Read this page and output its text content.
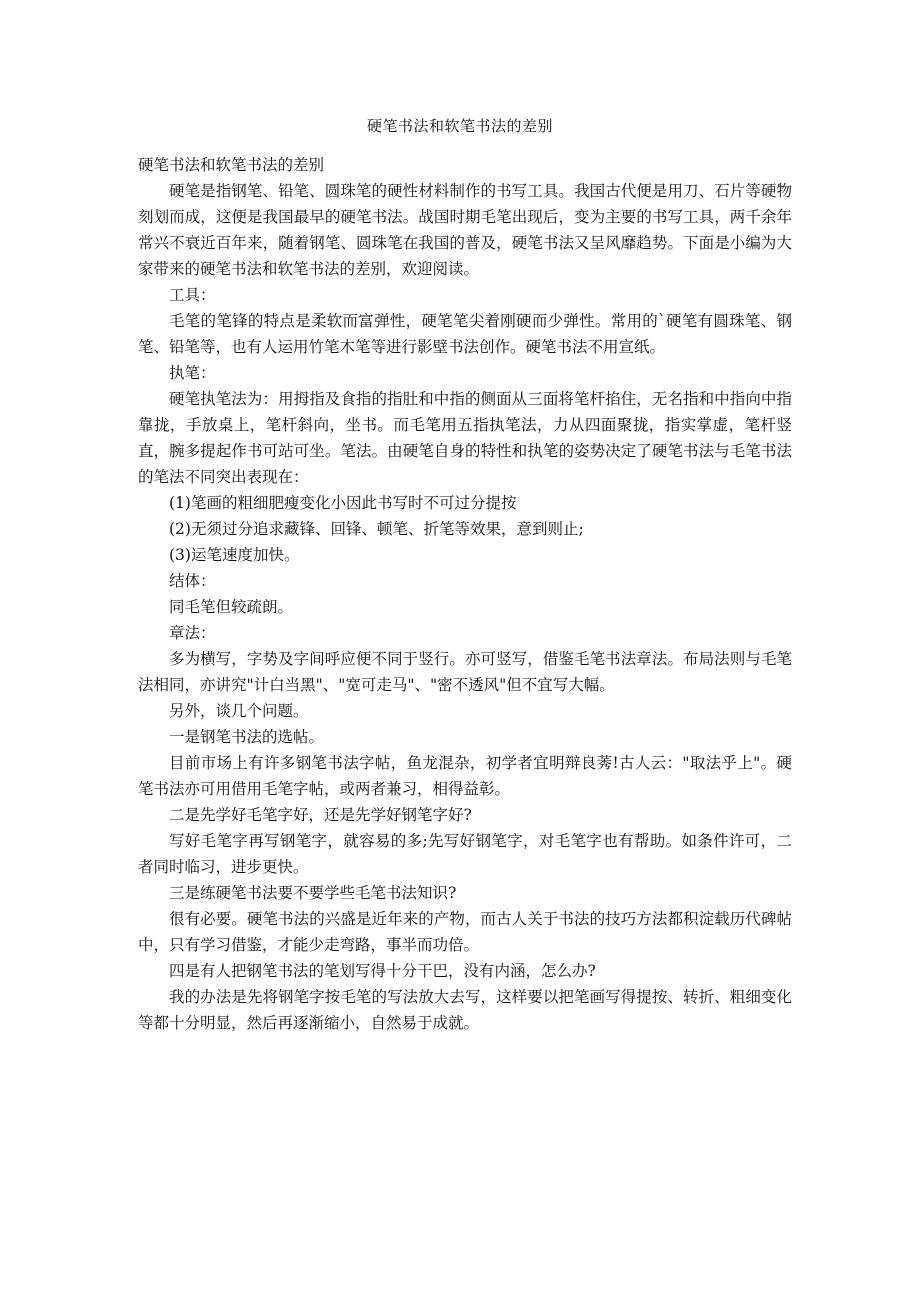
硬笔书法和软笔书法的差别

硬笔书法和软笔书法的差别

硬笔是指钢笔、铅笔、圆珠笔的硬性材料制作的书写工具。我国古代便是用刀、石片等硬物刻划而成，这便是我国最早的硬笔书法。战国时期毛笔出现后，变为主要的书写工具，两千余年常兴不衰近百年来，随着钢笔、圆珠笔在我国的普及，硬笔书法又呈风靡趋势。下面是小编为大家带来的硬笔书法和软笔书法的差别，欢迎阅读。

工具：

毛笔的笔锋的特点是柔软而富弹性，硬笔笔尖着刚硬而少弹性。常用的`硬笔有圆珠笔、钢笔、铅笔等，也有人运用竹笔木笔等进行影壁书法创作。硬笔书法不用宣纸。

执笔：

硬笔执笔法为：用拇指及食指的指肚和中指的侧面从三面将笔杆掐住，无名指和中指向中指靠拢，手放桌上，笔杆斜向，坐书。而毛笔用五指执笔法，力从四面聚拢，指实掌虚，笔杆竖直，腕多提起作书可站可坐。笔法。由硬笔自身的特性和执笔的姿势决定了硬笔书法与毛笔书法的笔法不同突出表现在：

(1)笔画的粗细肥瘦变化小因此书写时不可过分提按

(2)无须过分追求藏锋、回锋、顿笔、折笔等效果，意到则止;

(3)运笔速度加快。

结体：

同毛笔但较疏朗。

章法：

多为横写，字势及字间呼应便不同于竖行。亦可竖写，借鉴毛笔书法章法。布局法则与毛笔法相同，亦讲究"计白当黑"、"宽可走马"、"密不透风"但不宜写大幅。

另外，谈几个问题。

一是钢笔书法的选帖。

目前市场上有许多钢笔书法字帖，鱼龙混杂，初学者宜明辩良莠!古人云："取法乎上"。硬笔书法亦可用借用毛笔字帖，或两者兼习，相得益彰。

二是先学好毛笔字好，还是先学好钢笔字好?

写好毛笔字再写钢笔字，就容易的多;先写好钢笔字，对毛笔字也有帮助。如条件许可，二者同时临习，进步更快。

三是练硬笔书法要不要学些毛笔书法知识?

很有必要。硬笔书法的兴盛是近年来的产物，而古人关于书法的技巧方法都积淀载历代碑帖中，只有学习借鉴，才能少走弯路，事半而功倍。

四是有人把钢笔书法的笔划写得十分干巴，没有内涵，怎么办?

我的办法是先将钢笔字按毛笔的写法放大去写，这样要以把笔画写得提按、转折、粗细变化等都十分明显，然后再逐渐缩小，自然易于成就。
